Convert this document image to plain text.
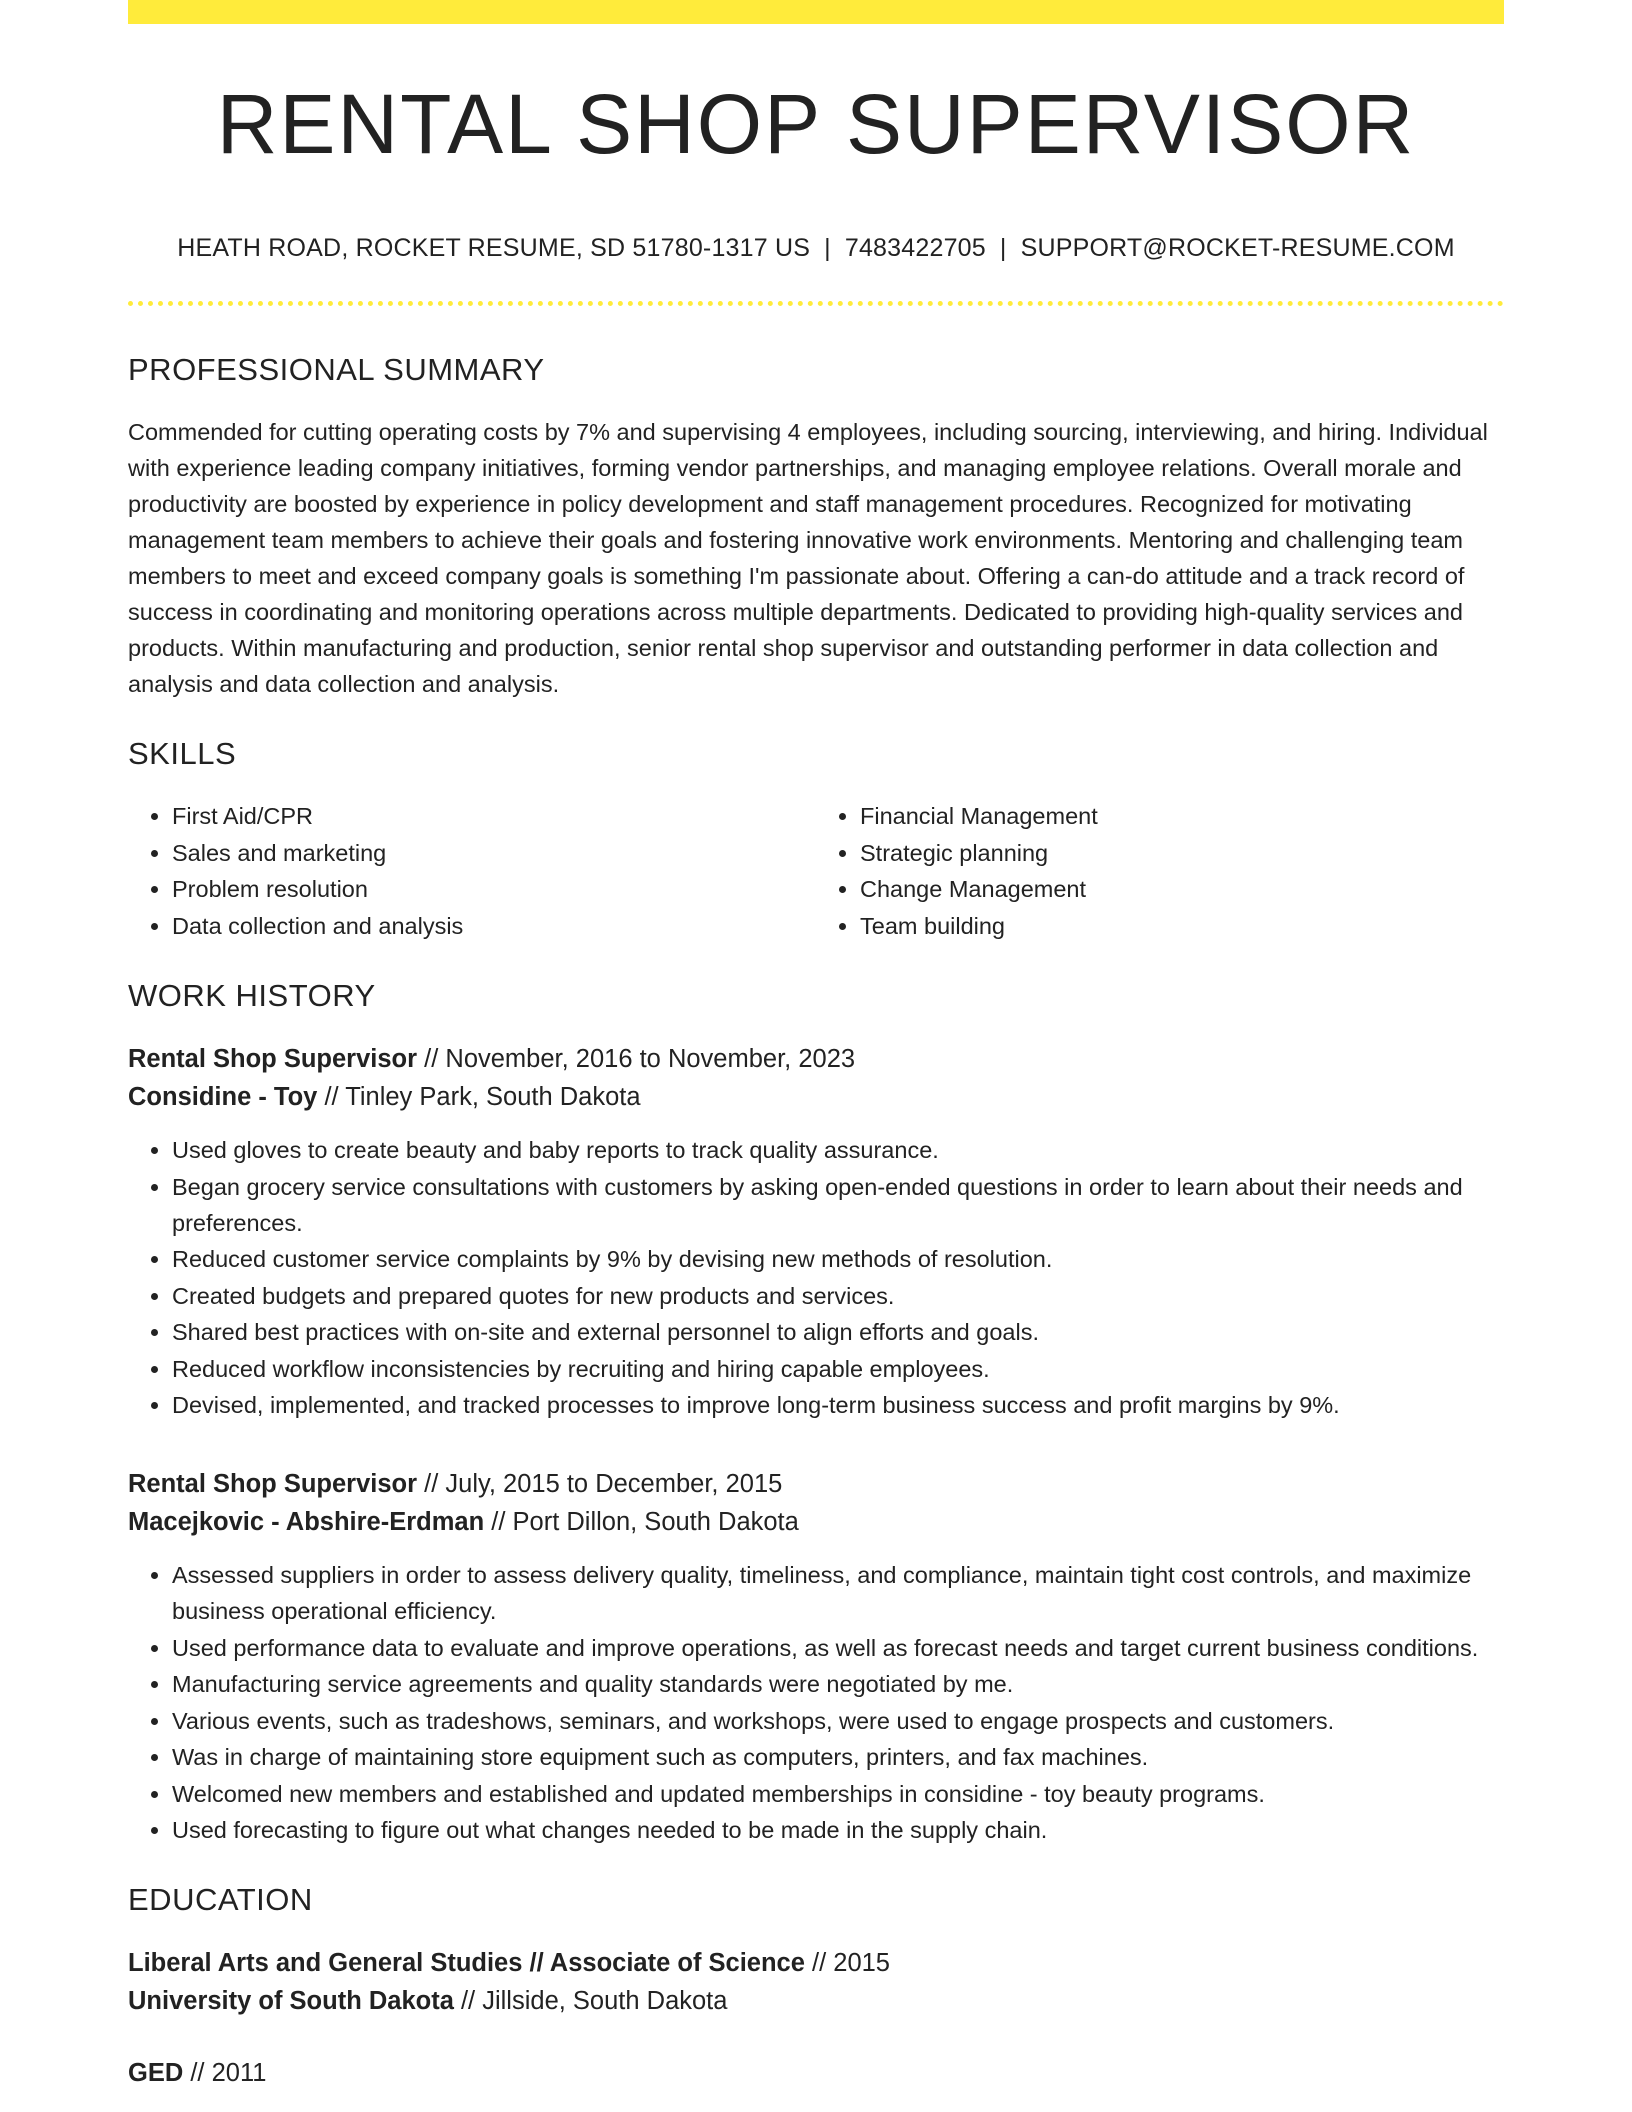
RENTAL SHOP SUPERVISOR
HEATH ROAD, ROCKET RESUME, SD 51780-1317 US | 7483422705 | SUPPORT@ROCKET-RESUME.COM
PROFESSIONAL SUMMARY
Commended for cutting operating costs by 7% and supervising 4 employees, including sourcing, interviewing, and hiring. Individual with experience leading company initiatives, forming vendor partnerships, and managing employee relations. Overall morale and productivity are boosted by experience in policy development and staff management procedures. Recognized for motivating management team members to achieve their goals and fostering innovative work environments. Mentoring and challenging team members to meet and exceed company goals is something I'm passionate about. Offering a can-do attitude and a track record of success in coordinating and monitoring operations across multiple departments. Dedicated to providing high-quality services and products. Within manufacturing and production, senior rental shop supervisor and outstanding performer in data collection and analysis and data collection and analysis.
SKILLS
• First Aid/CPR
• Sales and marketing
• Problem resolution
• Data collection and analysis
• Financial Management
• Strategic planning
• Change Management
• Team building
WORK HISTORY
Rental Shop Supervisor // November, 2016 to November, 2023
Considine - Toy // Tinley Park, South Dakota
• Used gloves to create beauty and baby reports to track quality assurance.
• Began grocery service consultations with customers by asking open-ended questions in order to learn about their needs and preferences.
• Reduced customer service complaints by 9% by devising new methods of resolution.
• Created budgets and prepared quotes for new products and services.
• Shared best practices with on-site and external personnel to align efforts and goals.
• Reduced workflow inconsistencies by recruiting and hiring capable employees.
• Devised, implemented, and tracked processes to improve long-term business success and profit margins by 9%.
Rental Shop Supervisor // July, 2015 to December, 2015
Macejkovic - Abshire-Erdman // Port Dillon, South Dakota
• Assessed suppliers in order to assess delivery quality, timeliness, and compliance, maintain tight cost controls, and maximize business operational efficiency.
• Used performance data to evaluate and improve operations, as well as forecast needs and target current business conditions.
• Manufacturing service agreements and quality standards were negotiated by me.
• Various events, such as tradeshows, seminars, and workshops, were used to engage prospects and customers.
• Was in charge of maintaining store equipment such as computers, printers, and fax machines.
• Welcomed new members and established and updated memberships in considine - toy beauty programs.
• Used forecasting to figure out what changes needed to be made in the supply chain.
EDUCATION
Liberal Arts and General Studies // Associate of Science // 2015
University of South Dakota // Jillside, South Dakota
GED // 2011
